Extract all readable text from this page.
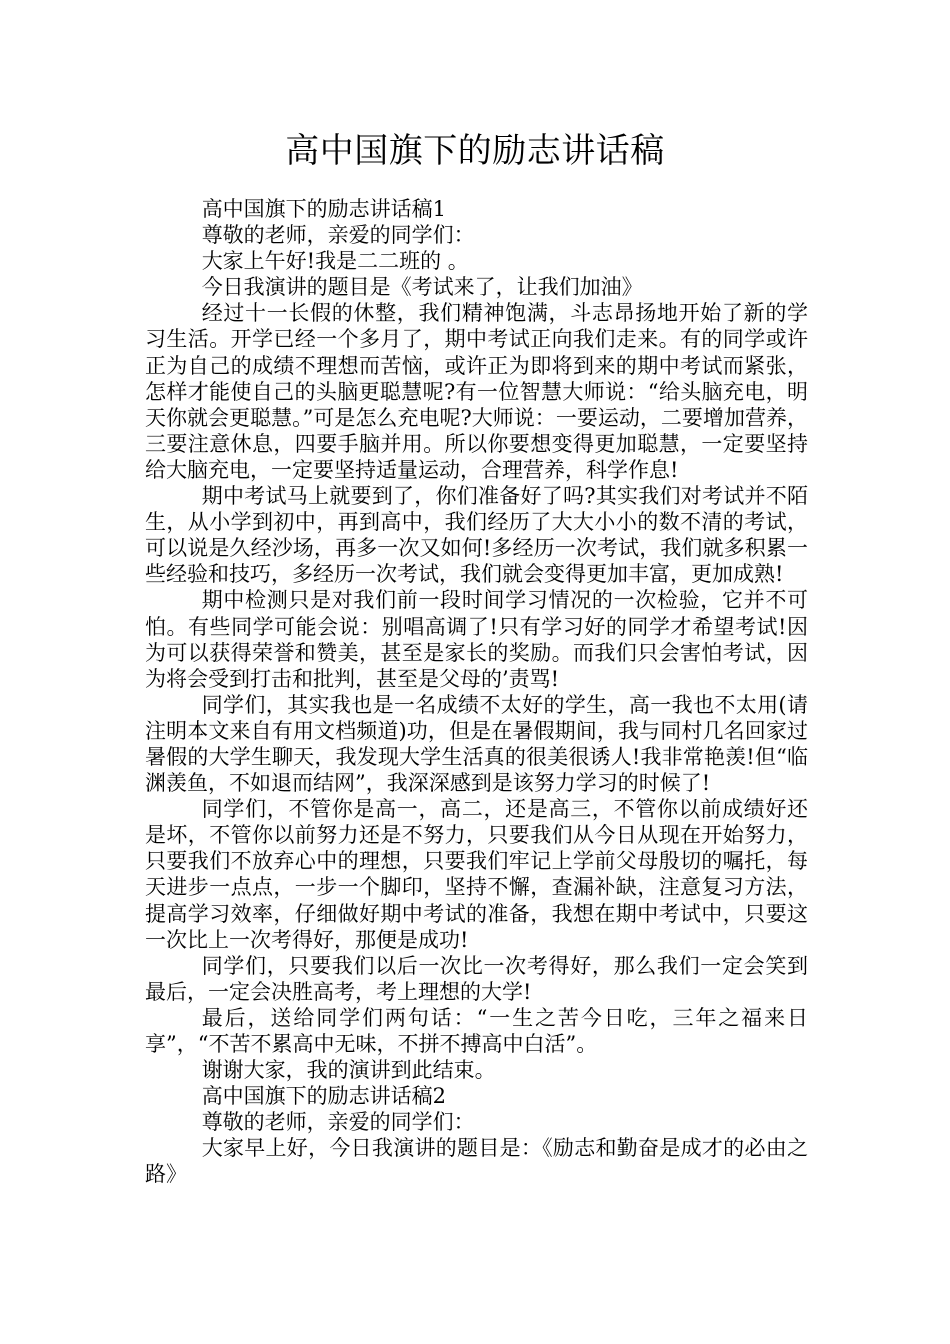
高中国旗下的励志讲话稿

高中国旗下的励志讲话稿1

尊敬的老师，亲爱的同学们：

大家上午好!我是二二班的 。

今日我演讲的题目是《考试来了，让我们加油》

经过十一长假的休整，我们精神饱满，斗志昂扬地开始了新的学习生活。开学已经一个多月了，期中考试正向我们走来。有的同学或许正为自己的成绩不理想而苦恼，或许正为即将到来的期中考试而紧张，怎样才能使自己的头脑更聪慧呢?有一位智慧大师说：“给头脑充电，明天你就会更聪慧。”可是怎么充电呢?大师说：一要运动，二要增加营养，三要注意休息，四要手脑并用。所以你要想变得更加聪慧，一定要坚持给大脑充电，一定要坚持适量运动，合理营养，科学作息!

期中考试马上就要到了，你们准备好了吗?其实我们对考试并不陌生，从小学到初中，再到高中，我们经历了大大小小的数不清的考试，可以说是久经沙场，再多一次又如何!多经历一次考试，我们就多积累一些经验和技巧，多经历一次考试，我们就会变得更加丰富，更加成熟!

期中检测只是对我们前一段时间学习情况的一次检验，它并不可怕。有些同学可能会说：别唱高调了!只有学习好的同学才希望考试!因为可以获得荣誉和赞美，甚至是家长的奖励。而我们只会害怕考试，因为将会受到打击和批判，甚至是父母的’责骂!

同学们，其实我也是一名成绩不太好的学生，高一我也不太用(请注明本文来自有用文档频道)功，但是在暑假期间，我与同村几名回家过暑假的大学生聊天，我发现大学生活真的很美很诱人!我非常艳羡!但“临渊羡鱼，不如退而结网”，我深深感到是该努力学习的时候了!

同学们，不管你是高一，高二，还是高三，不管你以前成绩好还是坏，不管你以前努力还是不努力，只要我们从今日从现在开始努力，只要我们不放弃心中的理想，只要我们牢记上学前父母殷切的嘱托，每天进步一点点，一步一个脚印，坚持不懈，查漏补缺，注意复习方法，提高学习效率，仔细做好期中考试的准备，我想在期中考试中，只要这一次比上一次考得好，那便是成功!

同学们，只要我们以后一次比一次考得好，那么我们一定会笑到最后，一定会决胜高考，考上理想的大学!

最后，送给同学们两句话：“一生之苦今日吃，三年之福来日享”，“不苦不累高中无味，不拼不搏高中白活”。

谢谢大家，我的演讲到此结束。

高中国旗下的励志讲话稿2

尊敬的老师，亲爱的同学们：

大家早上好，今日我演讲的题目是：《励志和勤奋是成才的必由之路》
